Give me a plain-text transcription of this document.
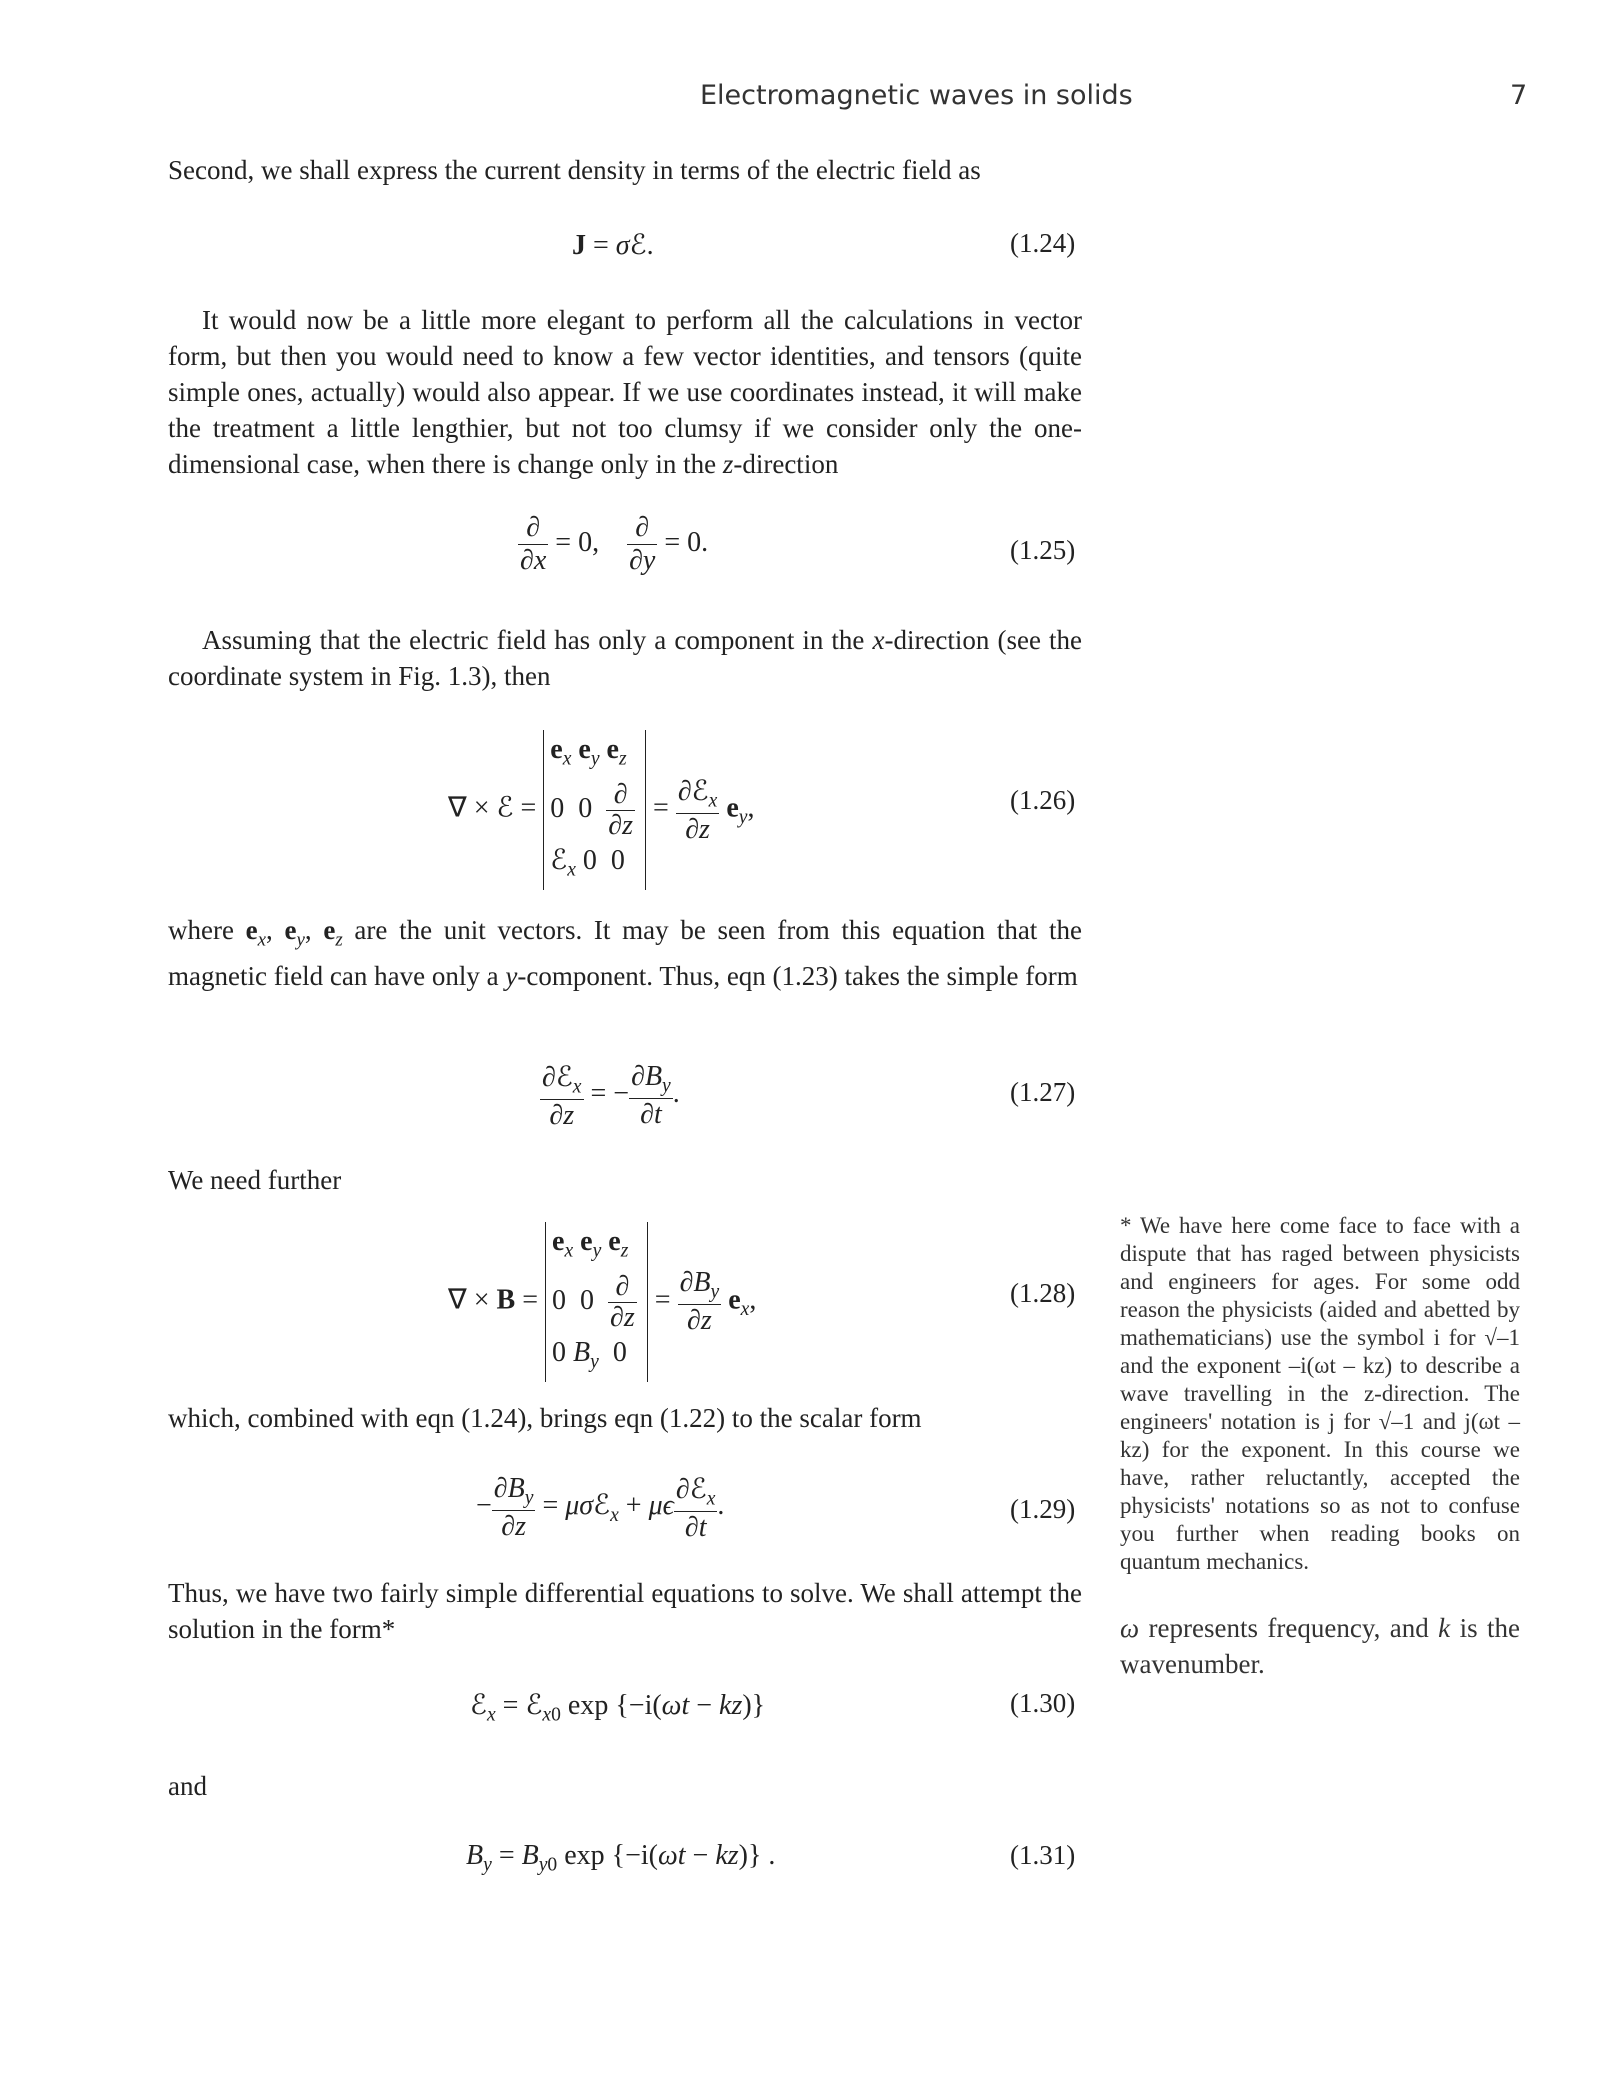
Electromagnetic waves in solids	7
Second, we shall express the current density in terms of the electric field as
J = σℰ.	(1.24)
It would now be a little more elegant to perform all the calculations in vector form, but then you would need to know a few vector identities, and tensors (quite simple ones, actually) would also appear. If we use coordinates instead, it will make the treatment a little lengthier, but not too clumsy if we consider only the one-dimensional case, when there is change only in the z-direction
$\frac{\partial}{\partial x} = 0$, $\frac{\partial}{\partial y} = 0$.	(1.25)
Assuming that the electric field has only a component in the x-direction (see the coordinate system in Fig. 1.3), then
∇ × ℰ = $e_x$ $e_y$ $e_z$
0  $0 \frac{\partial}{\partial z}$

ℰ$_x$ 0  $0 = \frac{\partial ℰ_x}{\partial z} e_y$,	(1.26)
where $e_x$, $e_y$, $e_z$ are the unit vectors. It may be seen from this equation that the magnetic field can have only a y-component. Thus, eqn (1.23) takes the simple form
$\frac{\partial ℰ_x}{\partial z}$ = − $\frac{\partial B_y}{\partial t}$ .	(1.27)
We need further
∇ × $B = e_x$ $e_y$ $e_z$
0  $0 \frac{\partial}{\partial z}$

0 $B_y$  $0 = \frac{\partial B_y}{\partial z} e_x$,	(1.28)
which, combined with eqn (1.24), brings eqn (1.22) to the scalar form
− $\frac{\partial B_y}{\partial z}$ = μσℰ$_x$ + μϵ $\frac{\partial ℰ_x}{\partial t}$ .	(1.29)
Thus, we have two fairly simple differential equations to solve. We shall attempt the solution in the form*
ℰ$_x$ = ℰ$_{x0}$ exp {−i(ωt − kz)}	(1.30)
and
$B_y = B_{y0}$ exp {−i(ωt − kz)} .	(1.31)
* We have here come face to face with a dispute that has raged between physicists and engineers for ages. For some odd reason the physicists (aided and abetted by mathematicians) use the symbol i for √–1 and the exponent –i(ωt – kz) to describe a wave travelling in the z-direction. The engineers' notation is j for √–1 and j(ωt – kz) for the exponent. In this course we have, rather reluctantly, accepted the physicists' notations so as not to confuse you further when reading books on quantum mechanics.
ω represents frequency, and k is the wavenumber.
